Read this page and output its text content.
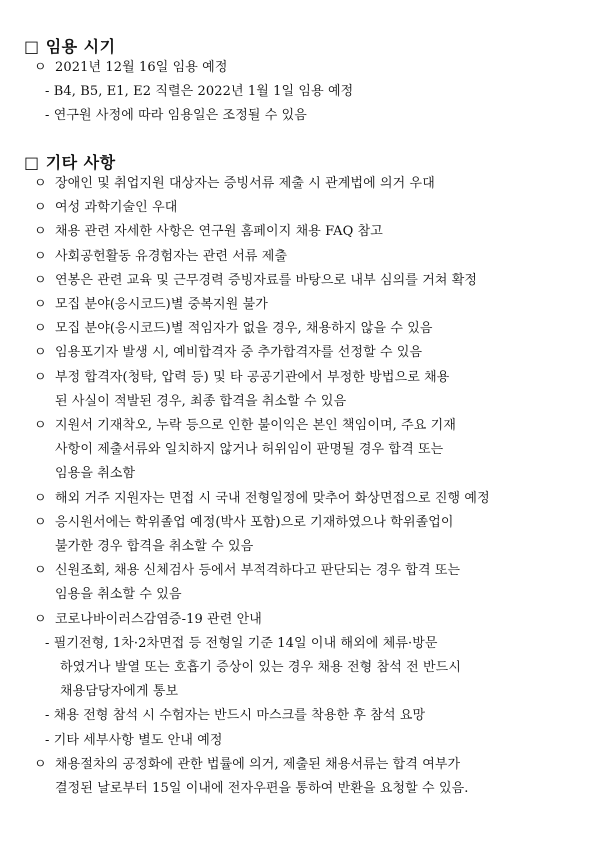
□ 임용 시기
ㅇ 2021년 12월 16일 임용 예정
- B4, B5, E1, E2 직렬은 2022년 1월 1일 임용 예정
- 연구원 사정에 따라 임용일은 조정될 수 있음
□ 기타 사항
ㅇ 장애인 및 취업지원 대상자는 증빙서류 제출 시 관계법에 의거 우대
ㅇ 여성 과학기술인 우대
ㅇ 채용 관련 자세한 사항은 연구원 홈페이지 채용 FAQ 참고
ㅇ 사회공헌활동 유경험자는 관련 서류 제출
ㅇ 연봉은 관련 교육 및 근무경력 증빙자료를 바탕으로 내부 심의를 거쳐 확정
ㅇ 모집 분야(응시코드)별 중복지원 불가
ㅇ 모집 분야(응시코드)별 적임자가 없을 경우, 채용하지 않을 수 있음
ㅇ 임용포기자 발생 시, 예비합격자 중 추가합격자를 선정할 수 있음
ㅇ 부정 합격자(청탁, 압력 등) 및 타 공공기관에서 부정한 방법으로 채용
된 사실이 적발된 경우, 최종 합격을 취소할 수 있음
ㅇ 지원서 기재착오, 누락 등으로 인한 불이익은 본인 책임이며, 주요 기재
사항이 제출서류와 일치하지 않거나 허위임이 판명될 경우 합격 또는
임용을 취소함
ㅇ 해외 거주 지원자는 면접 시 국내 전형일정에 맞추어 화상면접으로 진행 예정
ㅇ 응시원서에는 학위졸업 예정(박사 포함)으로 기재하였으나 학위졸업이
불가한 경우 합격을 취소할 수 있음
ㅇ 신원조회, 채용 신체검사 등에서 부적격하다고 판단되는 경우 합격 또는
임용을 취소할 수 있음
ㅇ 코로나바이러스감염증-19 관련 안내
- 필기전형, 1차·2차면접 등 전형일 기준 14일 이내 해외에 체류·방문
하였거나 발열 또는 호흡기 증상이 있는 경우 채용 전형 참석 전 반드시
채용담당자에게 통보
- 채용 전형 참석 시 수험자는 반드시 마스크를 착용한 후 참석 요망
- 기타 세부사항 별도 안내 예정
ㅇ 채용절차의 공정화에 관한 법률에 의거, 제출된 채용서류는 합격 여부가
결정된 날로부터 15일 이내에 전자우편을 통하여 반환을 요청할 수 있음.
